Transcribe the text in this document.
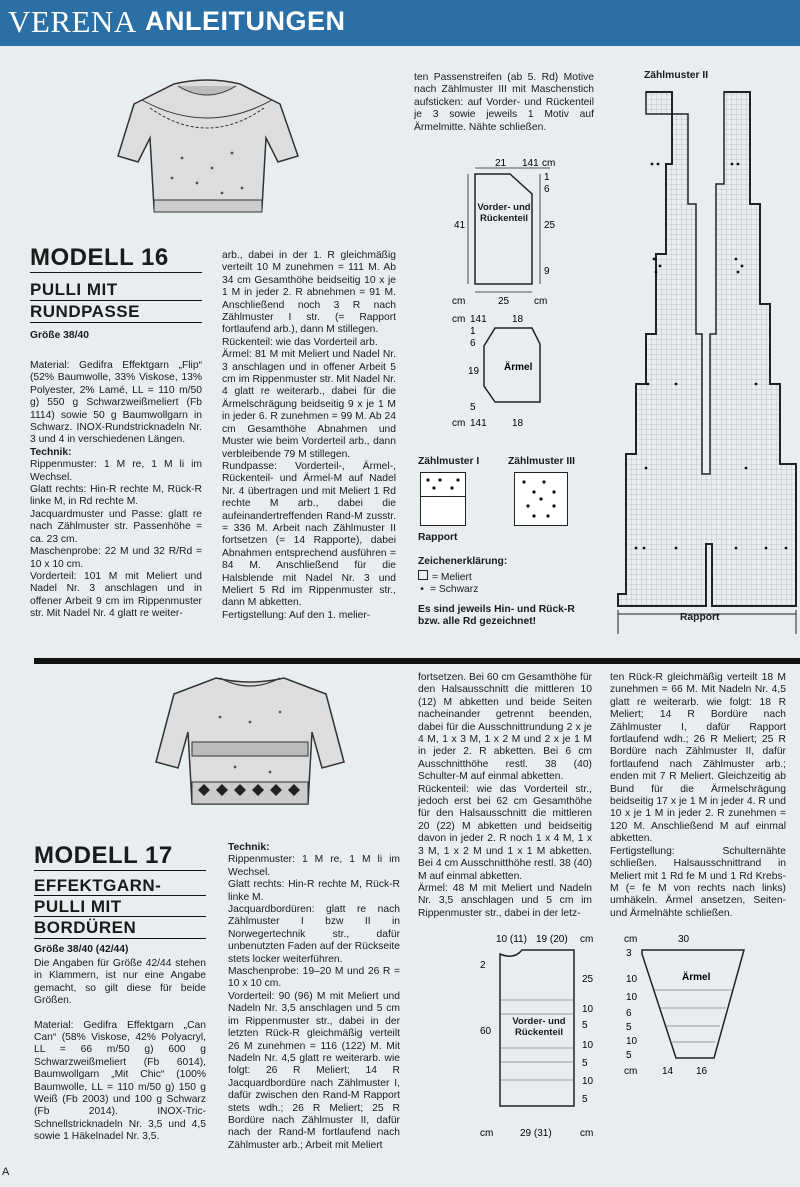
VERENA ANLEITUNGEN
MODELL 16
PULLI MIT
RUNDPASSE
Größe 38/40

Material: Gedifra Effektgarn „Flip“ (52% Baumwolle, 33% Viskose, 13% Polyester, 2% Lamé, LL = 110 m/50 g) 550 g Schwarzweißmeliert (Fb 1114) sowie 50 g Baumwollgarn in Schwarz. INOX-Rundstricknadeln Nr. 3 und 4 in verschiedenen Längen.

Technik:

Rippenmuster: 1 M re, 1 M li im Wechsel.

Glatt rechts: Hin-R rechte M, Rück-R linke M, in Rd rechte M.

Jacquardmuster und Passe: glatt re nach Zählmuster str. Passenhöhe = ca. 23 cm.

Maschenprobe: 22 M und 32 R/Rd = 10 x 10 cm.

Vorderteil: 101 M mit Meliert und Nadel Nr. 3 anschlagen und in offener Arbeit 9 cm im Rippenmuster str. Mit Nadel Nr. 4 glatt re weiter-

arb., dabei in der 1. R gleichmäßig verteilt 10 M zunehmen = 111 M. Ab 34 cm Gesamthöhe beidseitig 10 x je 1 M in jeder 2. R abnehmen = 91 M. Anschließend noch 3 R nach Zählmuster I str. (= Rapport fortlaufend arb.), dann M stillegen.

Rückenteil: wie das Vorderteil arb.

Ärmel: 81 M mit Meliert und Nadel Nr. 3 anschlagen und in offener Arbeit 5 cm im Rippenmuster str. Mit Nadel Nr. 4 glatt re weiterarb., dabei für die Ärmelschrägung beidseitig 9 x je 1 M in jeder 6. R zunehmen = 99 M. Ab 24 cm Gesamthöhe Abnahmen und Muster wie beim Vorderteil arb., dann verbleibende 79 M stillegen.

Rundpasse: Vorderteil-, Ärmel-, Rückenteil- und Ärmel-M auf Nadel Nr. 4 übertragen und mit Meliert 1 Rd rechte M arb., dabei die aufeinandertreffenden Rand-M zusstr. = 336 M. Arbeit nach Zählmuster II fortsetzen (= 14 Rapporte), dabei Abnahmen entsprechend ausführen = 84 M. Anschließend für die Halsblende mit Nadel Nr. 3 und Meliert 5 Rd im Rippenmuster str., dann M abketten.

Fertigstellung: Auf den 1. melier-

ten Passenstreifen (ab 5. Rd) Motive nach Zählmuster III mit Maschenstich aufsticken: auf Vorder- und Rückenteil je 3 sowie jeweils 1 Motiv auf Ärmelmitte. Nähte schließen.

21 141 cm
41
1
6
25
9
cm	25 cm
Vorder- und Rückenteil
cm 141	18
1
6
19
5
cm 141	18
Ärmel
Zählmuster I	Zählmuster III
Rapport
Zeichenerklärung:

= Meliert

• = Schwarz

Es sind jeweils Hin- und Rück-R bzw. alle Rd gezeichnet!
Zählmuster II
Rapport
MODELL 17
EFFEKTGARN-
PULLI MIT
BORDÜREN
Größe 38/40 (42/44)

Die Angaben für Größe 42/44 stehen in Klammern, ist nur eine Angabe gemacht, so gilt diese für beide Größen.

Material: Gedifra Effektgarn „Can Can“ (58% Viskose, 42% Polyacryl, LL = 66 m/50 g) 600 g Schwarzweißmeliert (Fb 6014), Baumwollgarn „Mit Chic“ (100% Baumwolle, LL = 110 m/50 g) 150 g Weiß (Fb 2003) und 100 g Schwarz (Fb 2014). INOX-Tric-Schnellstricknadeln Nr. 3,5 und 4,5 sowie 1 Häkelnadel Nr. 3,5.

Technik:

Rippenmuster: 1 M re, 1 M li im Wechsel.

Glatt rechts: Hin-R rechte M, Rück-R linke M.

Jacquardbordüren: glatt re nach Zählmuster I bzw II in Norwegertechnik str., dafür unbenutzten Faden auf der Rückseite stets locker weiterführen.

Maschenprobe: 19–20 M und 26 R = 10 x 10 cm.

Vorderteil: 90 (96) M mit Meliert und Nadeln Nr. 3,5 anschlagen und 5 cm im Rippenmuster str., dabei in der letzten Rück-R gleichmäßig verteilt 26 M zunehmen = 116 (122) M. Mit Nadeln Nr. 4,5 glatt re weiterarb. wie folgt: 26 R Meliert; 14 R Jacquardbordüre nach Zählmuster I, dafür zwischen den Rand-M Rapport stets wdh.; 26 R Meliert; 25 R Bordüre nach Zählmuster II, dafür nach der Rand-M fortlaufend nach Zählmuster arb.; Arbeit mit Meliert

fortsetzen. Bei 60 cm Gesamthöhe für den Halsausschnitt die mittleren 10 (12) M abketten und beide Seiten nacheinander getrennt beenden, dabei für die Ausschnittrundung 2 x je 4 M, 1 x 3 M, 1 x 2 M und 2 x je 1 M in jeder 2. R abketten. Bei 6 cm Ausschnitthöhe restl. 38 (40) Schulter-M auf einmal abketten.

Rückenteil: wie das Vorderteil str., jedoch erst bei 62 cm Gesamthöhe für den Halsausschnitt die mittleren 20 (22) M abketten und beidseitig davon in jeder 2. R noch 1 x 4 M, 1 x 3 M, 1 x 2 M und 1 x 1 M abketten. Bei 4 cm Ausschnitthöhe restl. 38 (40) M auf einmal abketten.

Ärmel: 48 M mit Meliert und Nadeln Nr. 3,5 anschlagen und 5 cm im Rippenmuster str., dabei in der letz-

ten Rück-R gleichmäßig verteilt 18 M zunehmen = 66 M. Mit Nadeln Nr. 4,5 glatt re weiterarb. wie folgt: 18 R Meliert; 14 R Bordüre nach Zählmuster I, dafür Rapport fortlaufend wdh.; 26 R Meliert; 25 R Bordüre nach Zählmuster II, dafür fortlaufend nach Zählmuster arb.; enden mit 7 R Meliert. Gleichzeitig ab Bund für die Ärmelschrägung beidseitig 17 x je 1 M in jeder 4. R und 10 x je 1 M in jeder 2. R zunehmen = 120 M. Anschließend M auf einmal abketten.

Fertigstellung: Schulternähte schließen. Halsausschnittrand in Meliert mit 1 Rd fe M und 1 Rd Krebs-M (= fe M von rechts nach links) umhäkeln. Ärmel ansetzen, Seiten- und Ärmelnähte schließen.

10 (11) 19 (20) cm
2
60
25
10
5
10
5
10
5
cm	29 (31)	cm
Vorder- und Rückenteil
cm	30
3
10
10
6
5
10
5
cm 14 16
Ärmel
A
